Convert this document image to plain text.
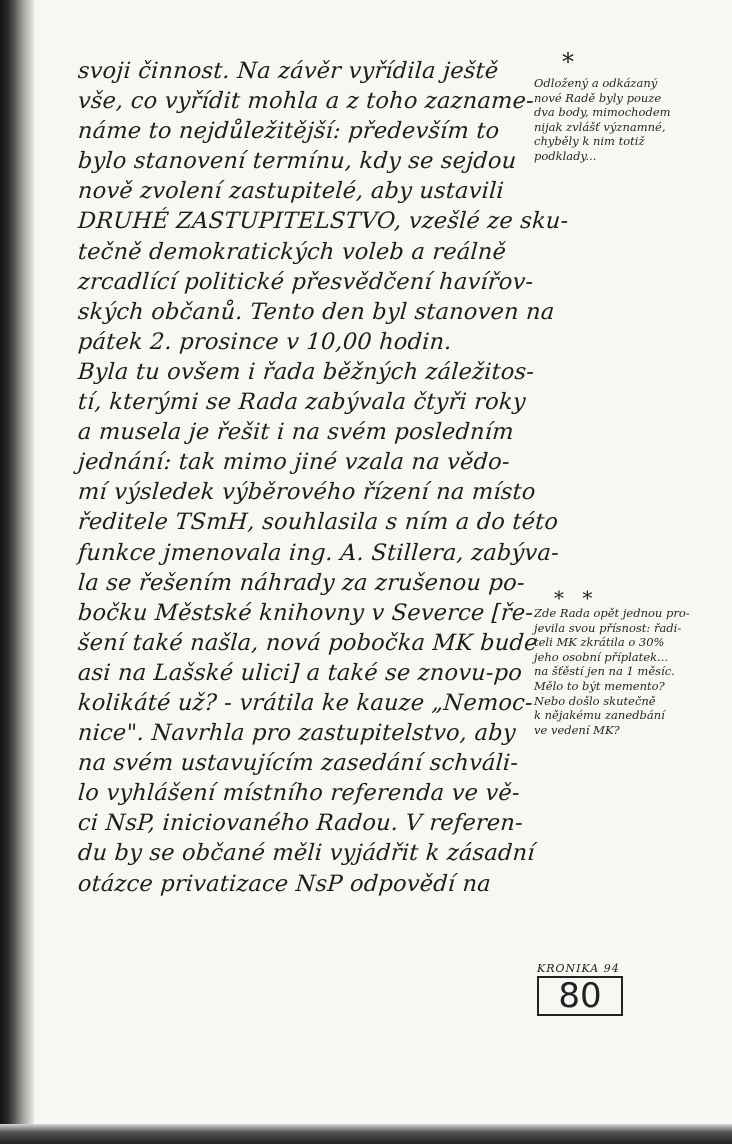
svoji činnost. Na závěr vyřídila ještě
vše, co vyřídit mohla a z toho zazname-
náme to nejdůležitější: především to
bylo stanovení termínu, kdy se sejdou
nově zvolení zastupitelé, aby ustavili
DRUHÉ ZASTUPITELSTVO, vzešlé ze sku-
tečně demokratických voleb a reálně
zrcadlící politické přesvědčení havířov-
ských občanů. Tento den byl stanoven na
pátek 2. prosince v 10,00 hodin.
Byla tu ovšem i řada běžných záležitos-
tí, kterými se Rada zabývala čtyři roky
a musela je řešit i na svém posledním
jednání: tak mimo jiné vzala na vědo-
mí výsledek výběrového řízení na místo
ředitele TSmH, souhlasila s ním a do této
funkce jmenovala ing. A. Stillera, zabýva-
la se řešením náhrady za zrušenou po-
bočku Městské knihovny v Severce [ře-
šení také našla, nová pobočka MK bude
asi na Lašské ulici] a také se znovu-po
kolikáté už? - vrátila ke kauze „Nemoc-
nice". Navrhla pro zastupitelstvo, aby
na svém ustavujícím zasedání schváli-
lo vyhlášení místního referenda ve vě-
ci NsP, iniciovaného Radou. V referen-
du by se občané měli vyjádřit k zásadní
otázce privatizace NsP odpovědí na
*
Odložený a odkázaný
nové Radě byly pouze
dva body, mimochodem
nijak zvlášť významné,
chyběly k nim totiž
podklady...
* *
Zde Rada opět jednou pro-
jevila svou přísnost: řadi-
teli MK zkrátila o 30%
jeho osobní příplatek...
na šťěstí jen na 1 měsíc.
Mělo to být memento?
Nebo došlo skutečně
k nějakému zanedbání
ve vedení MK?
KRONIKA 94
80
